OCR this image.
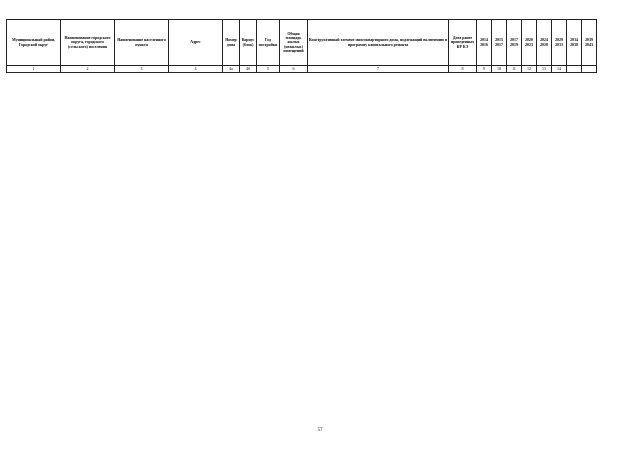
Муниципальный район, Городской округ	Наименование городского округа, городского (сельского) поселения	Наименование населенного пункта	Адрес	Номер дома	Корпус (блок)	Год постройки	Общая площадь жилых (нежилых) помещений	Конструктивный элемент многоквартирного дома, подлежащий включению в программу капитального ремонта	Дата ранее проведенных КР КЭ	2014 2016	2015 2017	2017 2019	2020 2023	2024 2028	2029 2033	2034 2038	2039 2043
1	2	3	4	4a	4б	5	6	7	8	9	10	11	12	13	14		
57
